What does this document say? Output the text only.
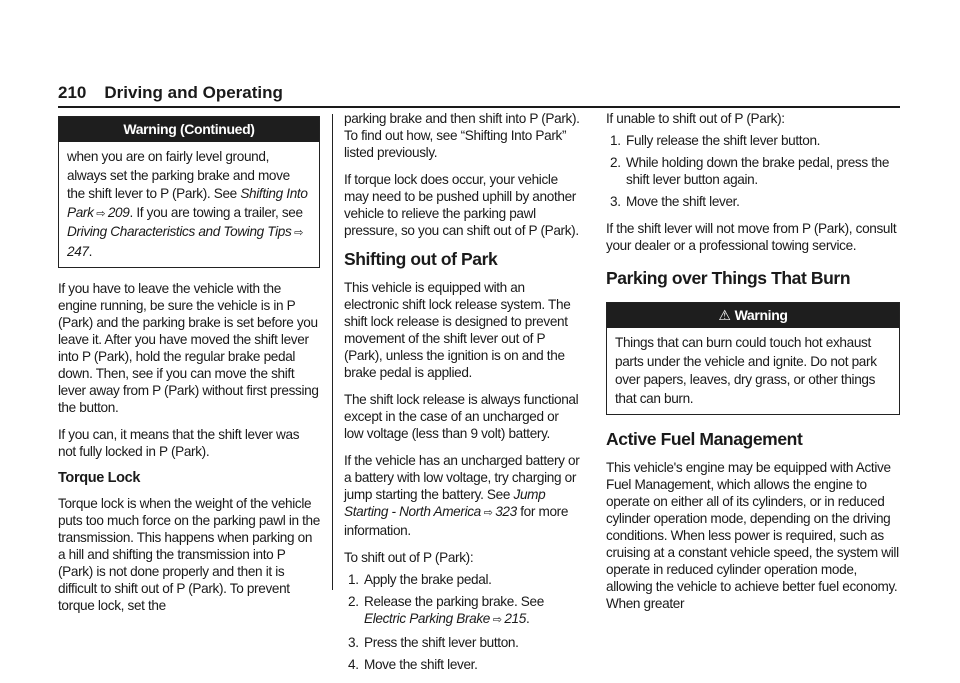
210 Driving and Operating
Warning (Continued)
when you are on fairly level ground, always set the parking brake and move the shift lever to P (Park). See Shifting Into Park ⇨ 209. If you are towing a trailer, see Driving Characteristics and Towing Tips ⇨ 247.

If you have to leave the vehicle with the engine running, be sure the vehicle is in P (Park) and the parking brake is set before you leave it. After you have moved the shift lever into P (Park), hold the regular brake pedal down. Then, see if you can move the shift lever away from P (Park) without first pressing the button.

If you can, it means that the shift lever was not fully locked in P (Park).

Torque Lock

Torque lock is when the weight of the vehicle puts too much force on the parking pawl in the transmission. This happens when parking on a hill and shifting the transmission into P (Park) is not done properly and then it is difficult to shift out of P (Park). To prevent torque lock, set the

parking brake and then shift into P (Park). To find out how, see “Shifting Into Park” listed previously.

If torque lock does occur, your vehicle may need to be pushed uphill by another vehicle to relieve the parking pawl pressure, so you can shift out of P (Park).

Shifting out of Park

This vehicle is equipped with an electronic shift lock release system. The shift lock release is designed to prevent movement of the shift lever out of P (Park), unless the ignition is on and the brake pedal is applied.

The shift lock release is always functional except in the case of an uncharged or low voltage (less than 9 volt) battery.

If the vehicle has an uncharged battery or a battery with low voltage, try charging or jump starting the battery. See Jump Starting - North America ⇨ 323 for more information.

To shift out of P (Park):

1. Apply the brake pedal.
2. Release the parking brake. See Electric Parking Brake ⇨ 215.
3. Press the shift lever button.
4. Move the shift lever.

If unable to shift out of P (Park):

1. Fully release the shift lever button.
2. While holding down the brake pedal, press the shift lever button again.
3. Move the shift lever.

If the shift lever will not move from P (Park), consult your dealer or a professional towing service.

Parking over Things That Burn
⚠ Warning
Things that can burn could touch hot exhaust parts under the vehicle and ignite. Do not park over papers, leaves, dry grass, or other things that can burn.
Active Fuel Management

This vehicle's engine may be equipped with Active Fuel Management, which allows the engine to operate on either all of its cylinders, or in reduced cylinder operation mode, depending on the driving conditions. When less power is required, such as cruising at a constant vehicle speed, the system will operate in reduced cylinder operation mode, allowing the vehicle to achieve better fuel economy. When greater
